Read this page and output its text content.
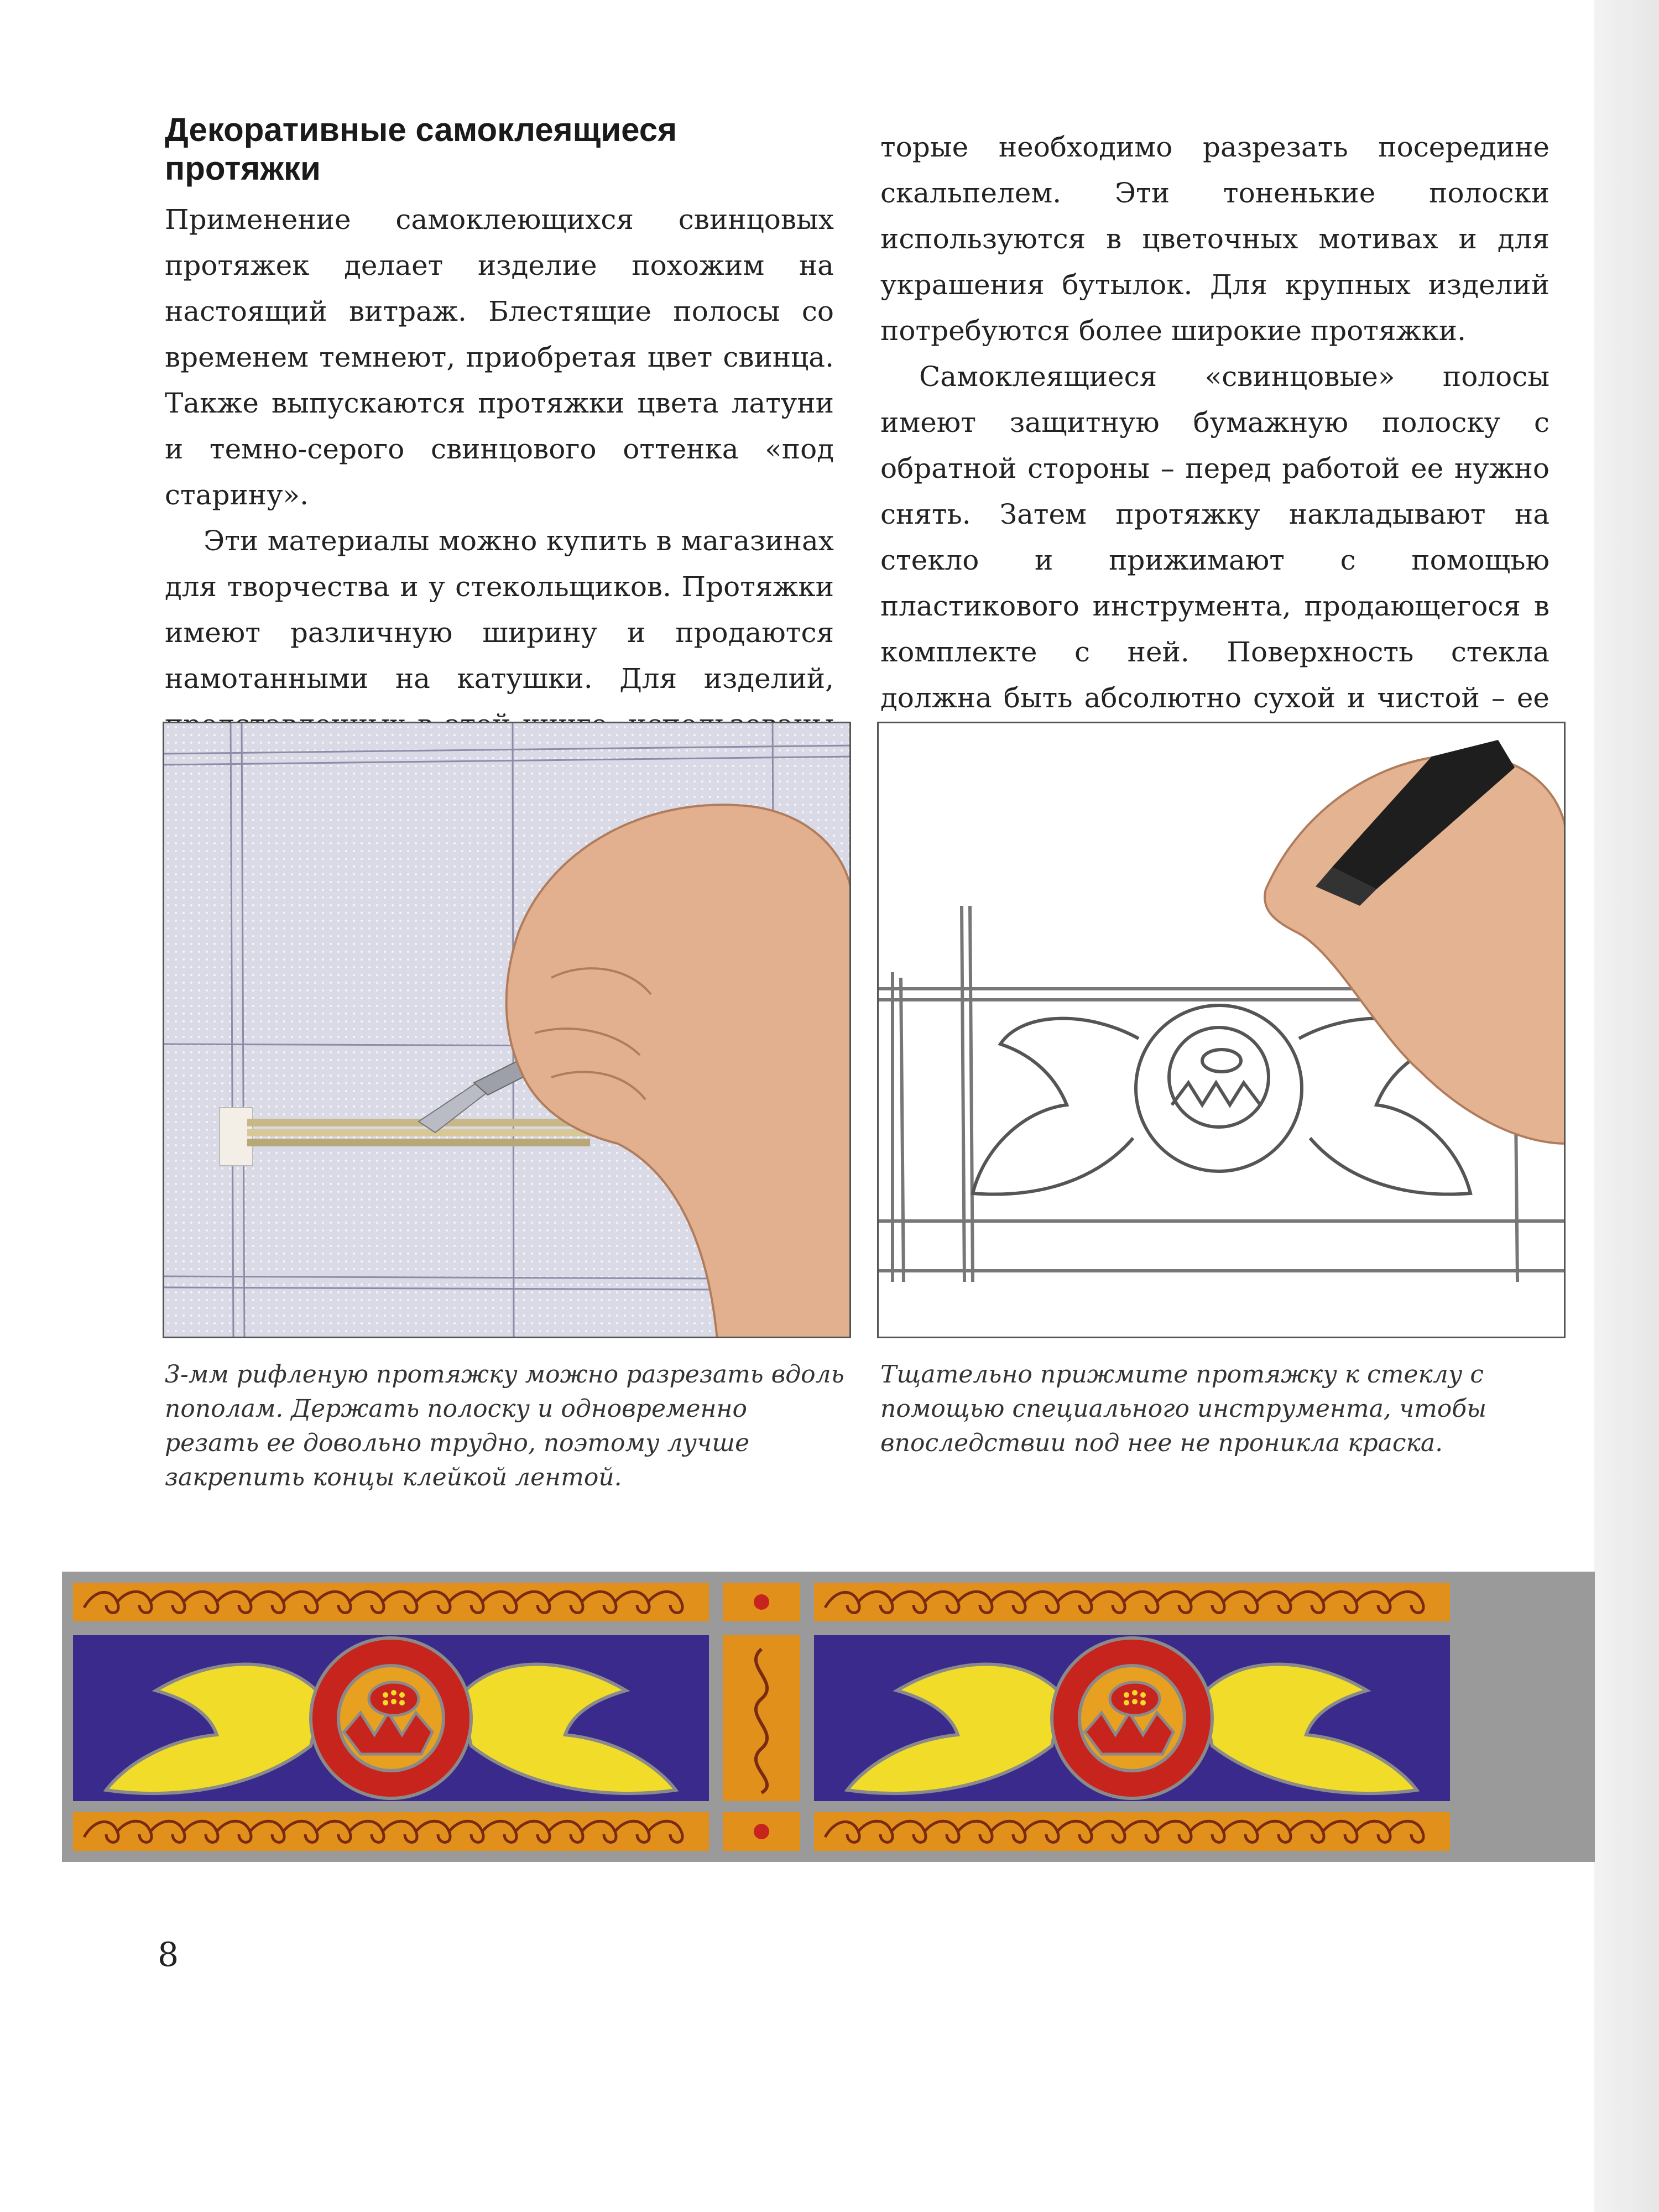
Декоративные самоклеящиеся протяжки

Применение самоклеющихся свинцовых протяжек делает изделие похожим на настоящий витраж. Блестящие полосы со временем темнеют, приобретая цвет свинца. Также выпускаются протяжки цвета латуни и темно-серого свинцового оттенка «под старину».

Эти материалы можно купить в магазинах для творчества и у стекольщиков. Протяжки имеют различную ширину и продаются намотанными на катушки. Для изделий,

торые необходимо разрезать посередине скальпелем. Эти тоненькие полоски используются в цветочных мотивах и для украшения бутылок. Для крупных изделий потребуются более широкие протяжки.

Самоклеящиеся «свинцовые» полосы имеют защитную бумажную полоску с обратной стороны – перед работой ее нужно снять. Затем протяжку накладывают на стекло и прижимают с помощью пластикового инструмента, продающегося в комплекте с ней. Поверхность стекла должна быть абсолютно сухой и чистой – ее

3-мм рифленую протяжку можно разрезать вдоль пополам. Держать полоску и одновременно резать ее довольно трудно, поэтому лучше закрепить концы клейкой лентой.

Тщательно прижмите протяжку к стеклу с помощью специального инструмента, чтобы впоследствии под нее не проникла краска.

8
